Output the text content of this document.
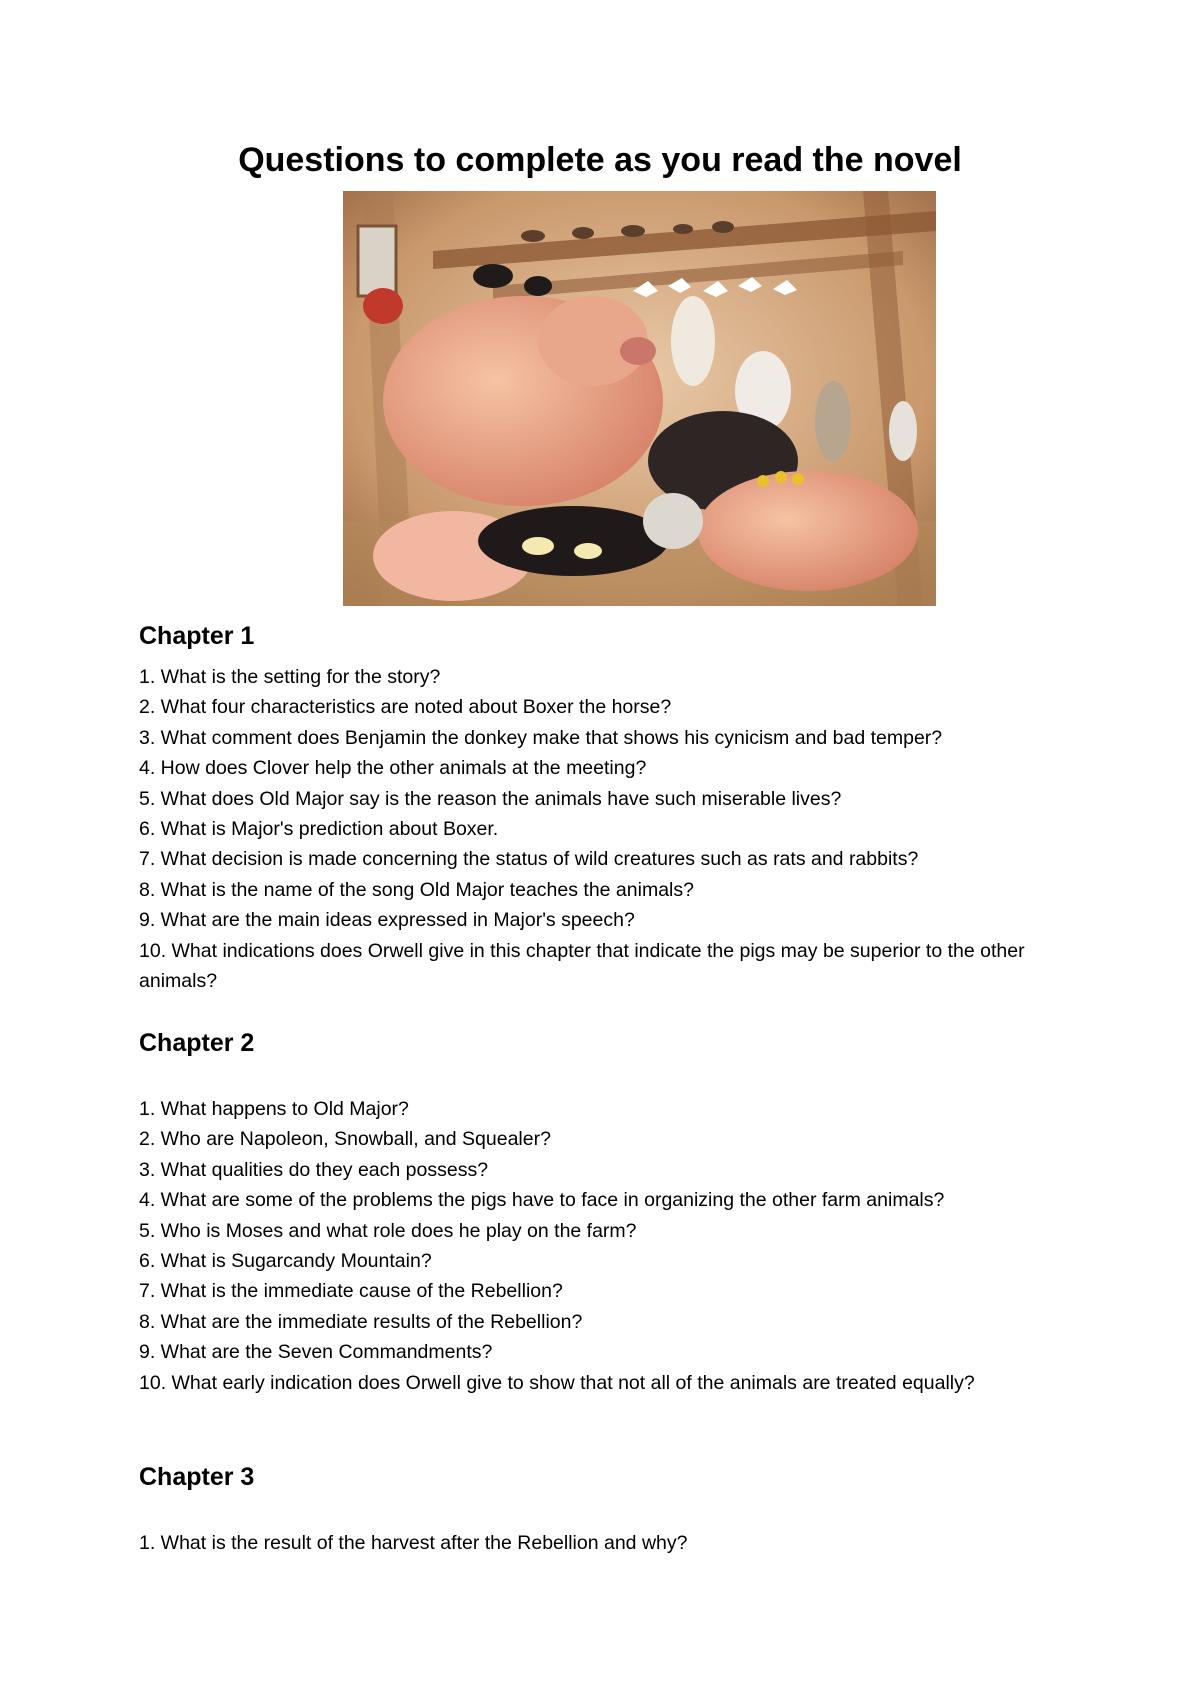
Questions to complete as you read the novel
Chapter 1
1. What is the setting for the story?
2. What four characteristics are noted about Boxer the horse?
3. What comment does Benjamin the donkey make that shows his cynicism and bad temper?
4. How does Clover help the other animals at the meeting?
5. What does Old Major say is the reason the animals have such miserable lives?
6. What is Major's prediction about Boxer.
7. What decision is made concerning the status of wild creatures such as rats and rabbits?
8. What is the name of the song Old Major teaches the animals?
9. What are the main ideas expressed in Major's speech?
10. What indications does Orwell give in this chapter that indicate the pigs may be superior to the other animals?
Chapter 2
1. What happens to Old Major?
2. Who are Napoleon, Snowball, and Squealer?
3. What qualities do they each possess?
4. What are some of the problems the pigs have to face in organizing the other farm animals?
5. Who is Moses and what role does he play on the farm?
6. What is Sugarcandy Mountain?
7. What is the immediate cause of the Rebellion?
8. What are the immediate results of the Rebellion?
9. What are the Seven Commandments?
10. What early indication does Orwell give to show that not all of the animals are treated equally?
Chapter 3
1. What is the result of the harvest after the Rebellion and why?
